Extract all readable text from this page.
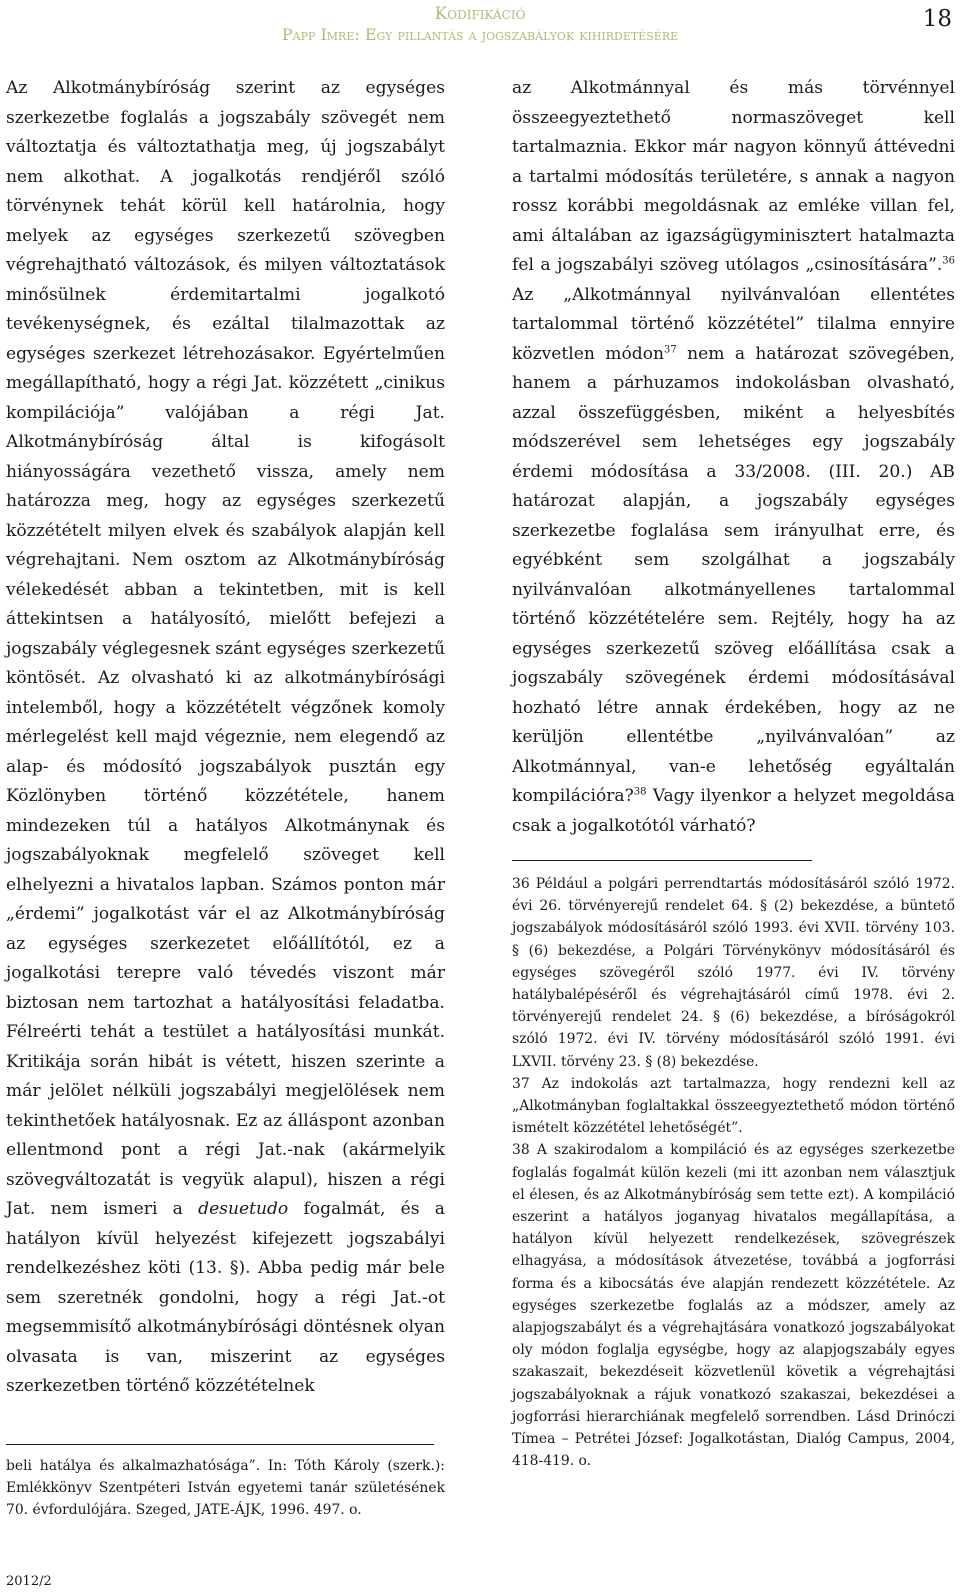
Kodifikáció
Papp Imre: Egy pillantás a jogszabályok kihirdetésére
18

Az Alkotmánybíróság szerint az egységes szerkezetbe foglalás a jogszabály szövegét nem változtatja és változtathatja meg, új jogszabályt nem alkothat. A jogalkotás rendjéről szóló törvénynek tehát körül kell határolnia, hogy melyek az egységes szerkezetű szövegben végrehajtható változások, és milyen változtatások minősülnek érdemitartalmi jogalkotó tevékenységnek, és ezáltal tilalmazottak az egységes szerkezet létrehozásakor. Egyértelműen megállapítható, hogy a régi Jat. közzétett „cinikus kompilációja” valójában a régi Jat. Alkotmánybíróság által is kifogásolt hiányosságára vezethető vissza, amely nem határozza meg, hogy az egységes szerkezetű közzétételt milyen elvek és szabályok alapján kell végrehajtani. Nem osztom az Alkotmánybíróság vélekedését abban a tekintetben, mit is kell áttekintsen a hatályosító, mielőtt befejezi a jogszabály véglegesnek szánt egységes szerkezetű köntösét. Az olvasható ki az alkotmánybírósági intelemből, hogy a közzétételt végzőnek komoly mérlegelést kell majd végeznie, nem elegendő az alap- és módosító jogszabályok pusztán egy Közlönyben történő közzététele, hanem mindezeken túl a hatályos Alkotmánynak és jogszabályoknak megfelelő szöveget kell elhelyezni a hivatalos lapban. Számos ponton már „érdemi” jogalkotást vár el az Alkotmánybíróság az egységes szerkezetet előállítótól, ez a jogalkotási terepre való tévedés viszont már biztosan nem tartozhat a hatályosítási feladatba. Félreérti tehát a testület a hatályosítási munkát. Kritikája során hibát is vétett, hiszen szerinte a már jelölet nélküli jogszabályi megjelölések nem tekinthetőek hatályosnak. Ez az álláspont azonban ellentmond pont a régi Jat.-nak (akármelyik szövegváltozatát is vegyük alapul), hiszen a régi Jat. nem ismeri a desuetudo fogalmát, és a hatályon kívül helyezést kifejezett jogszabályi rendelkezéshez köti (13. §). Abba pedig már bele sem szeretnék gondolni, hogy a régi Jat.-ot megsemmisítő alkotmánybírósági döntésnek olyan olvasata is van, miszerint az egységes szerkezetben történő közzétételnek

beli hatálya és alkalmazhatósága”. In: Tóth Károly (szerk.): Emlékkönyv Szentpéteri István egyetemi tanár születésének 70. évfordulójára. Szeged, JATE-ÁJK, 1996. 497. o.

2012/2

az Alkotmánnyal és más törvénnyel összeegyeztethető normaszöveget kell tartalmaznia. Ekkor már nagyon könnyű áttévedni a tartalmi módosítás területére, s annak a nagyon rossz korábbi megoldásnak az emléke villan fel, ami általában az igazságügyminisztert hatalmazta fel a jogszabályi szöveg utólagos „csinosítására”.$^{36}$ Az „Alkotmánnyal nyilvánvalóan ellentétes tartalommal történő közzététel” tilalma ennyire közvetlen módon$^{37}$ nem a határozat szövegében, hanem a párhuzamos indokolásban olvasható, azzal összefüggésben, miként a helyesbítés módszerével sem lehetséges egy jogszabály érdemi módosítása a 33/2008. (III. 20.) AB határozat alapján, a jogszabály egységes szerkezetbe foglalása sem irányulhat erre, és egyébként sem szolgálhat a jogszabály nyilvánvalóan alkotmányellenes tartalommal történő közzétételére sem. Rejtély, hogy ha az egységes szerkezetű szöveg előállítása csak a jogszabály szövegének érdemi módosításával hozható létre annak érdekében, hogy az ne kerüljön ellentétbe „nyilvánvalóan” az Alkotmánnyal, van-e lehetőség egyáltalán kompilációra?$^{38}$ Vagy ilyenkor a helyzet megoldása csak a jogalkotótól várható?

36 Például a polgári perrendtartás módosításáról szóló 1972. évi 26. törvényerejű rendelet 64. § (2) bekezdése, a büntető jogszabályok módosításáról szóló 1993. évi XVII. törvény 103. § (6) bekezdése, a Polgári Törvénykönyv módosításáról és egységes szövegéről szóló 1977. évi IV. törvény hatálybalépéséről és végrehajtásáról című 1978. évi 2. törvényerejű rendelet 24. § (6) bekezdése, a bíróságokról szóló 1972. évi IV. törvény módosításáról szóló 1991. évi LXVII. törvény 23. § (8) bekezdése.

37 Az indokolás azt tartalmazza, hogy rendezni kell az „Alkotmányban foglaltakkal összeegyeztethető módon történő ismételt közzététel lehetőségét”.

38 A szakirodalom a kompiláció és az egységes szerkezetbe foglalás fogalmát külön kezeli (mi itt azonban nem választjuk el élesen, és az Alkotmánybíróság sem tette ezt). A kompiláció eszerint a hatályos joganyag hivatalos megállapítása, a hatályon kívül helyezett rendelkezések, szövegrészek elhagyása, a módosítások átvezetése, továbbá a jogforrási forma és a kibocsátás éve alapján rendezett közzététele. Az egységes szerkezetbe foglalás az a módszer, amely az alapjogszabályt és a végrehajtására vonatkozó jogszabályokat oly módon foglalja egységbe, hogy az alapjogszabály egyes szakaszait, bekezdéseit közvetlenül követik a végrehajtási jogszabályoknak a rájuk vonatkozó szakaszai, bekezdései a jogforrási hierarchiának megfelelő sorrendben. Lásd Drinóczi Tímea – Petrétei József: Jogalkotástan, Dialóg Campus, 2004, 418-419. o.
